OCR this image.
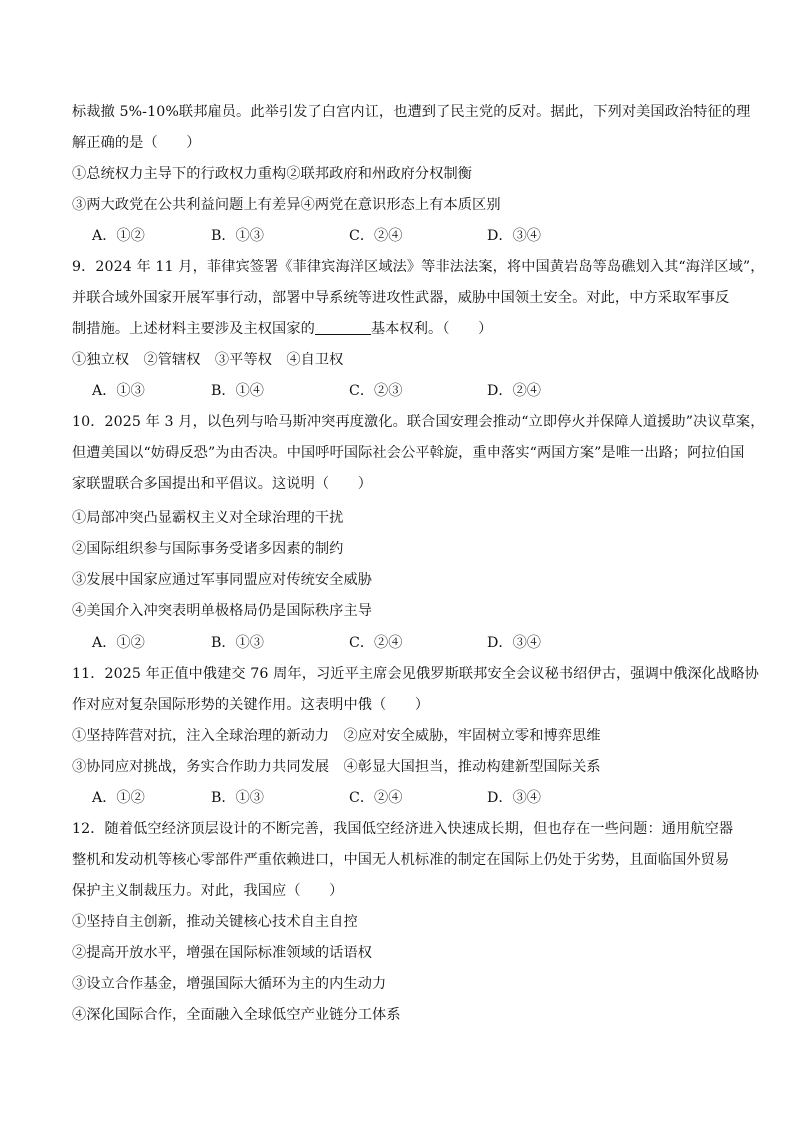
标裁撤 5%-10%联邦雇员。此举引发了白宫内讧，也遭到了民主党的反对。据此，下列对美国政治特征的理
解正确的是（　　）
①总统权力主导下的行政权力重构②联邦政府和州政府分权制衡
③两大政党在公共利益问题上有差异④两党在意识形态上有本质区别
A．①②	B．①③	C．②④	D．③④
9．2024 年 11 月，菲律宾签署《菲律宾海洋区域法》等非法法案，将中国黄岩岛等岛礁划入其“海洋区域”，
并联合域外国家开展军事行动，部署中导系统等进攻性武器，威胁中国领土安全。对此，中方采取军事反
制措施。上述材料主要涉及主权国家的	基本权利。（　　）
①独立权　②管辖权　③平等权　④自卫权
A．①③	B．①④	C．②③	D．②④
10．2025 年 3 月，以色列与哈马斯冲突再度激化。联合国安理会推动“立即停火并保障人道援助”决议草案，
但遭美国以“妨碍反恐”为由否决。中国呼吁国际社会公平斡旋，重申落实“两国方案”是唯一出路；阿拉伯国
家联盟联合多国提出和平倡议。这说明（　　）
①局部冲突凸显霸权主义对全球治理的干扰
②国际组织参与国际事务受诸多因素的制约
③发展中国家应通过军事同盟应对传统安全威胁
④美国介入冲突表明单极格局仍是国际秩序主导
A．①②	B．①③	C．②④	D．③④
11．2025 年正值中俄建交 76 周年，习近平主席会见俄罗斯联邦安全会议秘书绍伊古，强调中俄深化战略协
作对应对复杂国际形势的关键作用。这表明中俄（　　）
①坚持阵营对抗，注入全球治理的新动力　②应对安全威胁，牢固树立零和博弈思维
③协同应对挑战，务实合作助力共同发展　④彰显大国担当，推动构建新型国际关系
A．①②	B．①③	C．②④	D．③④
12．随着低空经济顶层设计的不断完善，我国低空经济进入快速成长期，但也存在一些问题：通用航空器
整机和发动机等核心零部件严重依赖进口，中国无人机标准的制定在国际上仍处于劣势，且面临国外贸易
保护主义制裁压力。对此，我国应（　　）
①坚持自主创新，推动关键核心技术自主自控
②提高开放水平，增强在国际标准领域的话语权
③设立合作基金，增强国际大循环为主的内生动力
④深化国际合作，全面融入全球低空产业链分工体系
